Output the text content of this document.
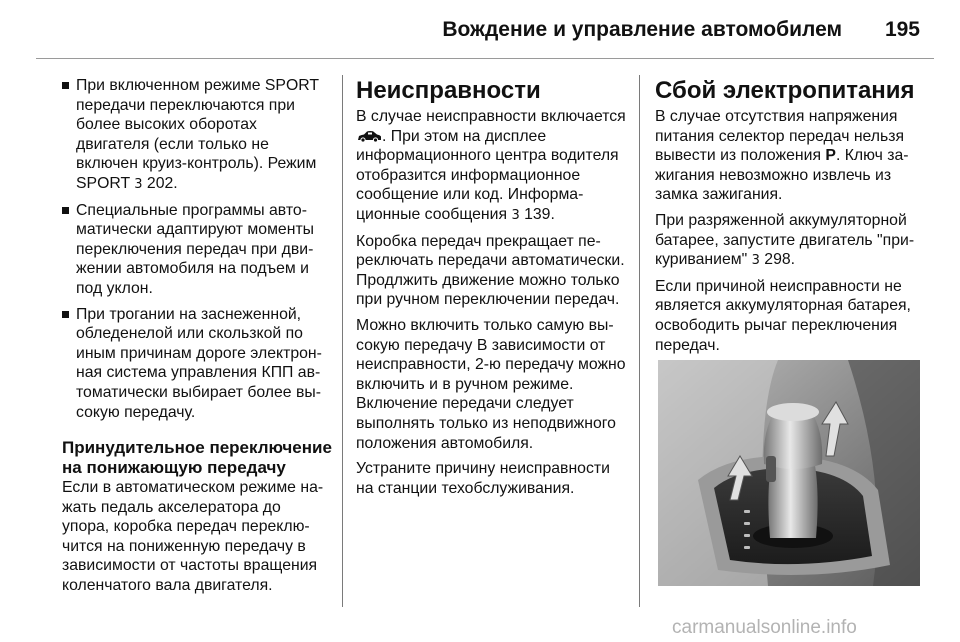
Вождение и управление автомобилем 195
При включенном режиме SPORT передачи переключаются при более высоких оборотах двигателя (если только не включен круиз-контроль). Режим SPORT 3 202.
Специальные программы автоматически адаптируют моменты переключения передач при движении автомобиля на подъем и под уклон.
При трогании на заснеженной, обледенелой или скользкой по иным причинам дороге электронная система управления КПП автоматически выбирает более высокую передачу.
Принудительное переключение на понижающую передачу

Если в автоматическом режиме нажать педаль акселератора до упора, коробка передач переключится на пониженную передачу в зависимости от частоты вращения коленчатого вала двигателя.

Неисправности

В случае неисправности включается . При этом на дисплее информационного центра водителя отобразится информационное сообщение или код. Информационные сообщения 3 139.

Коробка передач прекращает переключать передачи автоматически. Продлжить движение можно только при ручном переключении передач.

Можно включить только самую высокую передачу В зависимости от неисправности, 2-ю передачу можно включить и в ручном режиме. Включение передачи следует выполнять только из неподвижного положения автомобиля.

Устраните причину неисправности на станции техобслуживания.

Сбой электропитания

В случае отсутствия напряжения питания селектор передач нельзя вывести из положения P. Ключ зажигания невозможно извлечь из замка зажигания.

При разряженной аккумуляторной батарее, запустите двигатель "прикуриванием" 3 298.

Если причиной неисправности не является аккумуляторная батарея, освободить рычаг переключения передач.

carmanualsonline.info
